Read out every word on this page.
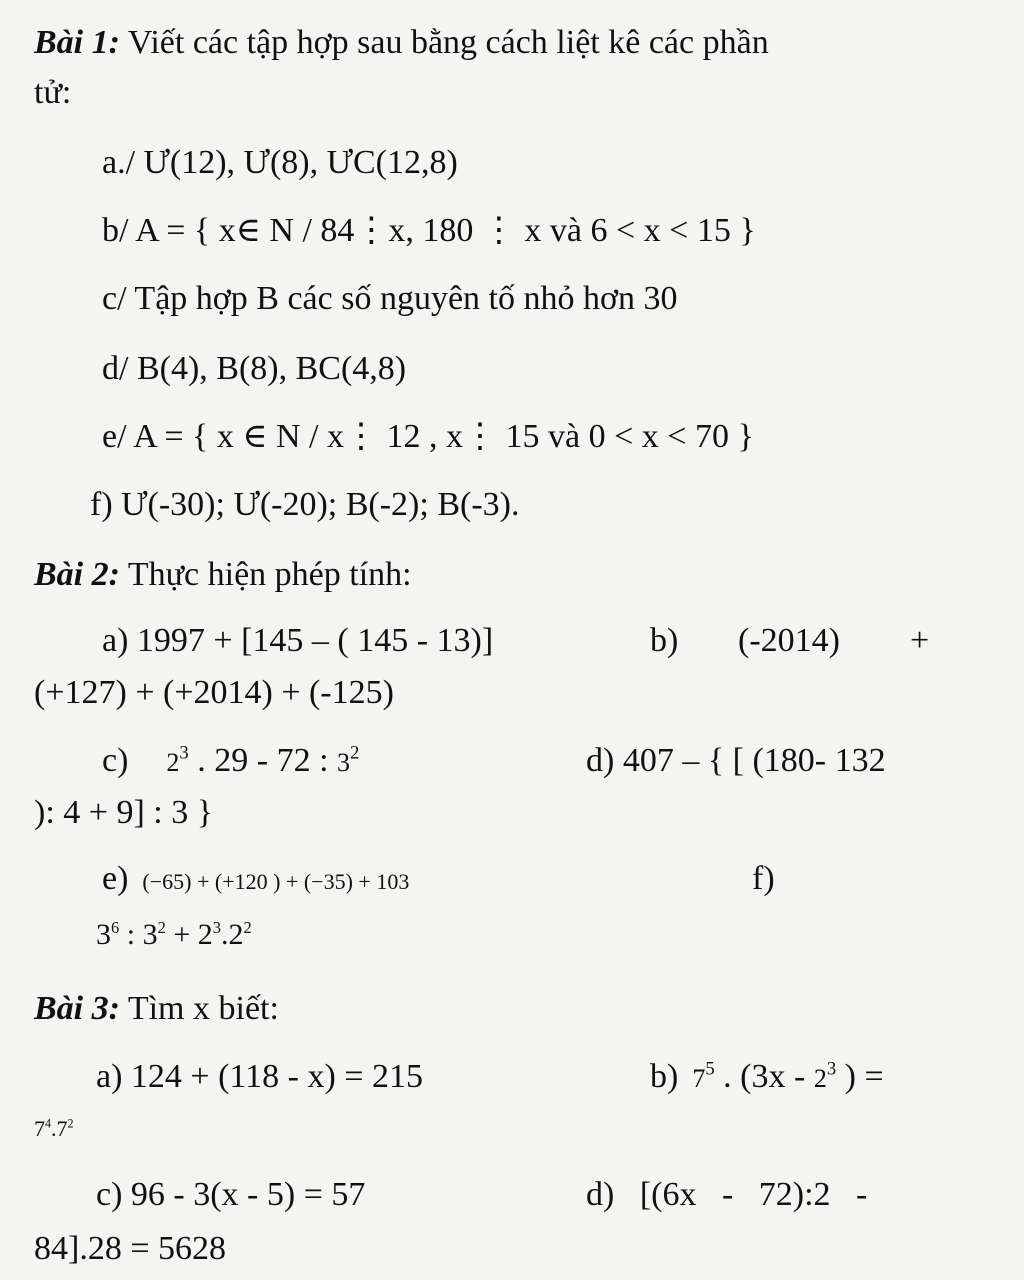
Bài 1: Viết các tập hợp sau bằng cách liệt kê các phần
tử:
a./ Ư(12), Ư(8), ƯC(12,8)
b/ A = { x∈ N / 84⋮x, 180 ⋮ x và 6 < x < 15 }
c/ Tập hợp B các số nguyên tố nhỏ hơn 30
d/ B(4), B(8), BC(4,8)
e/ A = { x ∈ N / x⋮ 12 , x⋮ 15 và 0 < x < 70 }
f) Ư(-30); Ư(-20); B(-2); B(-3).
Bài 2: Thực hiện phép tính:
a) 1997 + [145 – ( 145 - 13)]	b) (-2014) +
(+127) + (+2014) + (-125)
c) $2^3$ . 29 - 72 : $3^2$	d) 407 – { [ (180- 132
): 4 + 9] : 3 }
e) (−65) + (+120 ) + (−35) + 103	f)
$3^6$ : $3^2 + 2^3.2^2$
Bài 3: Tìm x biết:
a) 124 + (118 - x) = 215	b) $7^5$ . ($3x - 2^3$ ) =
$7^4.7^2$
c) 96 - 3(x - 5) = 57	d)   [(6x   -   72):2   -
84].28 = 5628
